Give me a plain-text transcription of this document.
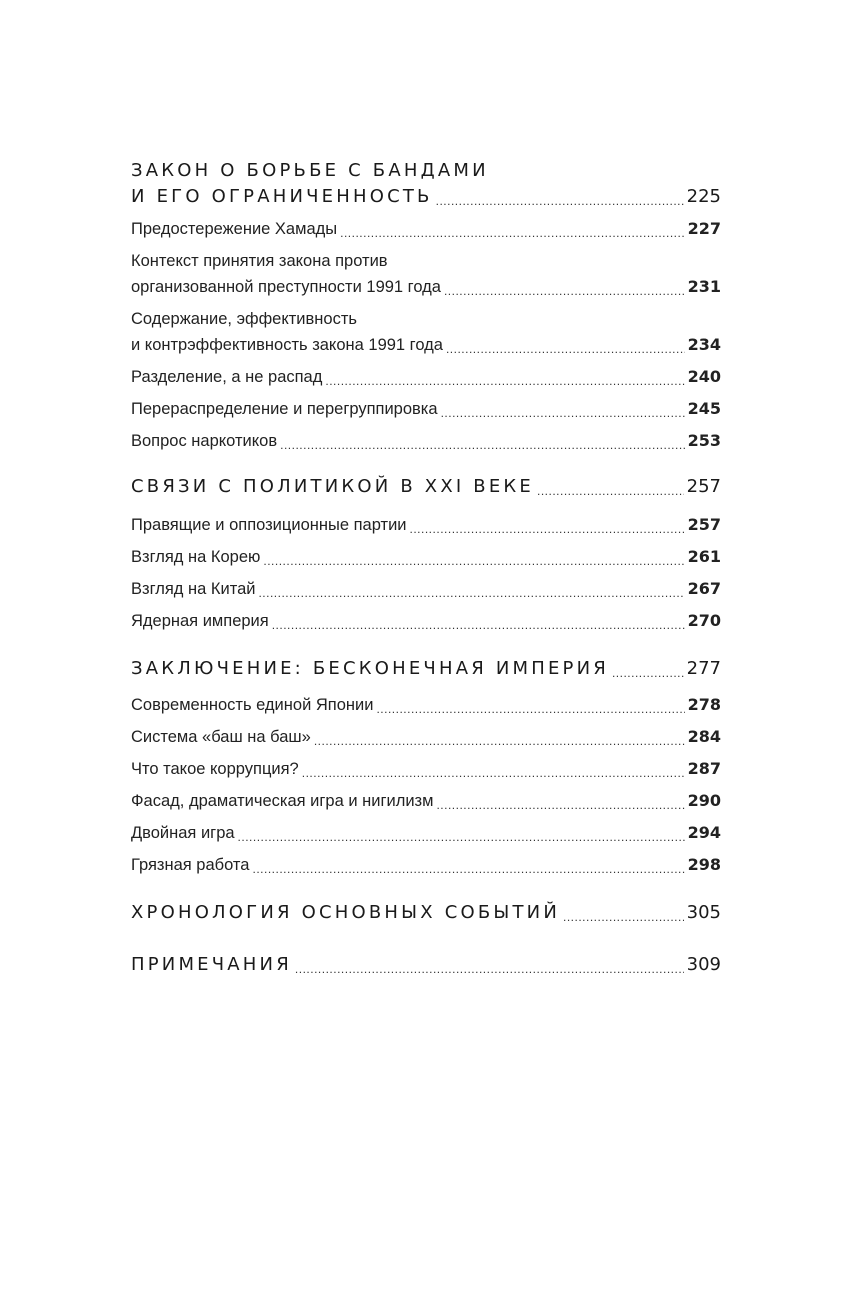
ЗАКОН О БОРЬБЕ С БАНДАМИ
И ЕГО ОГРАНИЧЕННОСТЬ .....	225
Предостережение Хамады .....	227
Контекст принятия закона против
организованной преступности 1991 года .....	231
Содержание, эффективность
и контрэффективность закона 1991 года .....	234
Разделение, а не распад .....	240
Перераспределение и перегруппировка .....	245
Вопрос наркотиков .....	253
СВЯЗИ С ПОЛИТИКОЙ В XXI ВЕКЕ .....	257
Правящие и оппозиционные партии .....	257
Взгляд на Корею .....	261
Взгляд на Китай .....	267
Ядерная империя .....	270
ЗАКЛЮЧЕНИЕ: БЕСКОНЕЧНАЯ ИМПЕРИЯ .....	277
Современность единой Японии .....	278
Система «баш на баш» .....	284
Что такое коррупция? .....	287
Фасад, драматическая игра и нигилизм .....	290
Двойная игра .....	294
Грязная работа .....	298
ХРОНОЛОГИЯ ОСНОВНЫХ СОБЫТИЙ .....	305
ПРИМЕЧАНИЯ .....	309
